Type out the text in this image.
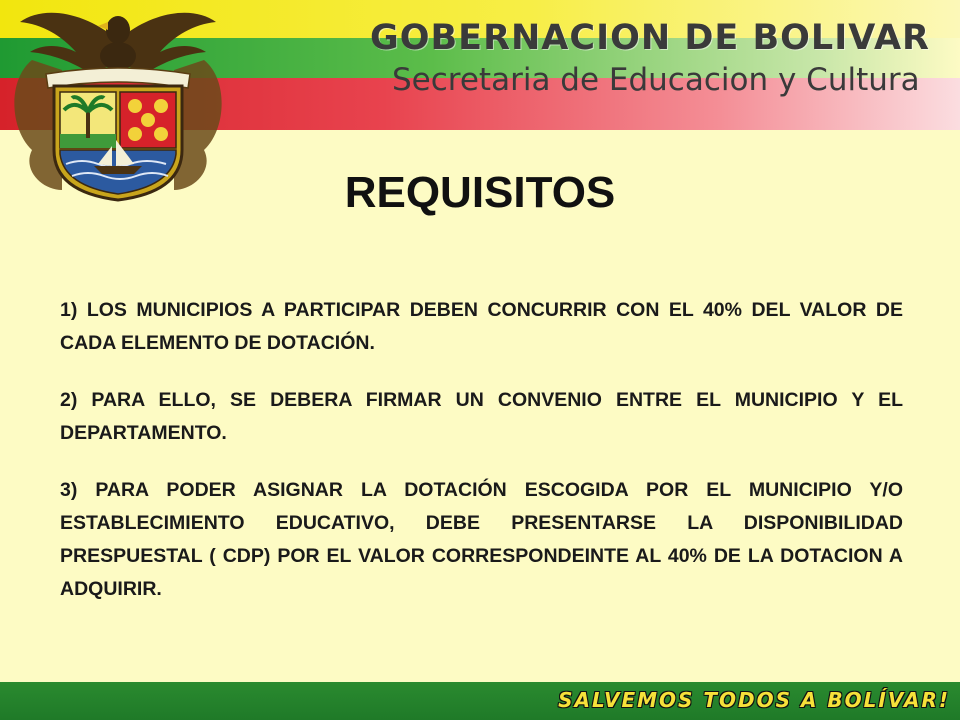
GOBERNACION DE BOLIVAR
Secretaria de Educacion y Cultura
REQUISITOS

1) LOS MUNICIPIOS A PARTICIPAR DEBEN CONCURRIR CON EL 40% DEL VALOR DE CADA ELEMENTO DE DOTACIÓN.

2) PARA ELLO, SE DEBERA FIRMAR UN CONVENIO ENTRE EL MUNICIPIO Y EL DEPARTAMENTO.

3) PARA PODER ASIGNAR LA DOTACIÓN ESCOGIDA POR EL MUNICIPIO Y/O ESTABLECIMIENTO EDUCATIVO, DEBE PRESENTARSE LA DISPONIBILIDAD PRESPUESTAL ( CDP) POR EL VALOR CORRESPONDEINTE AL 40% DE LA DOTACION A ADQUIRIR.

SALVEMOS TODOS A BOLÍVAR!
